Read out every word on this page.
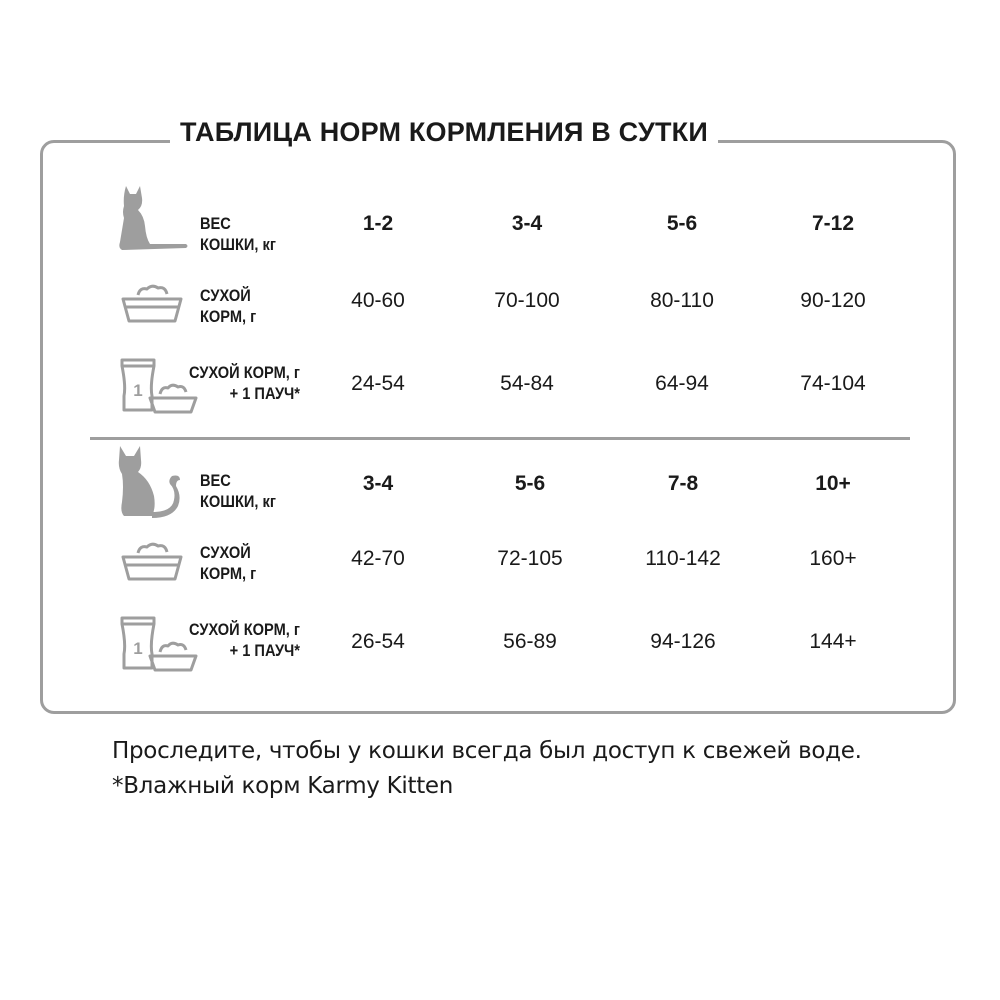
ТАБЛИЦА НОРМ КОРМЛЕНИЯ В СУТКИ
ВЕС
КОШКИ, кг
1-2	3-4	5-6	7-12
СУХОЙ
КОРМ, г
40-60	70-100	80-110	90-120
1
СУХОЙ КОРМ, г
+ 1 ПАУЧ*	24-54	54-84	64-94	74-104
ВЕС
КОШКИ, кг
3-4	5-6	7-8	10+
СУХОЙ
КОРМ, г
42-70	72-105	110-142	160+
1
СУХОЙ КОРМ, г
+ 1 ПАУЧ*	26-54	56-89	94-126	144+
Проследите, чтобы у кошки всегда был доступ к свежей воде.
*Влажный корм Karmy Kitten
